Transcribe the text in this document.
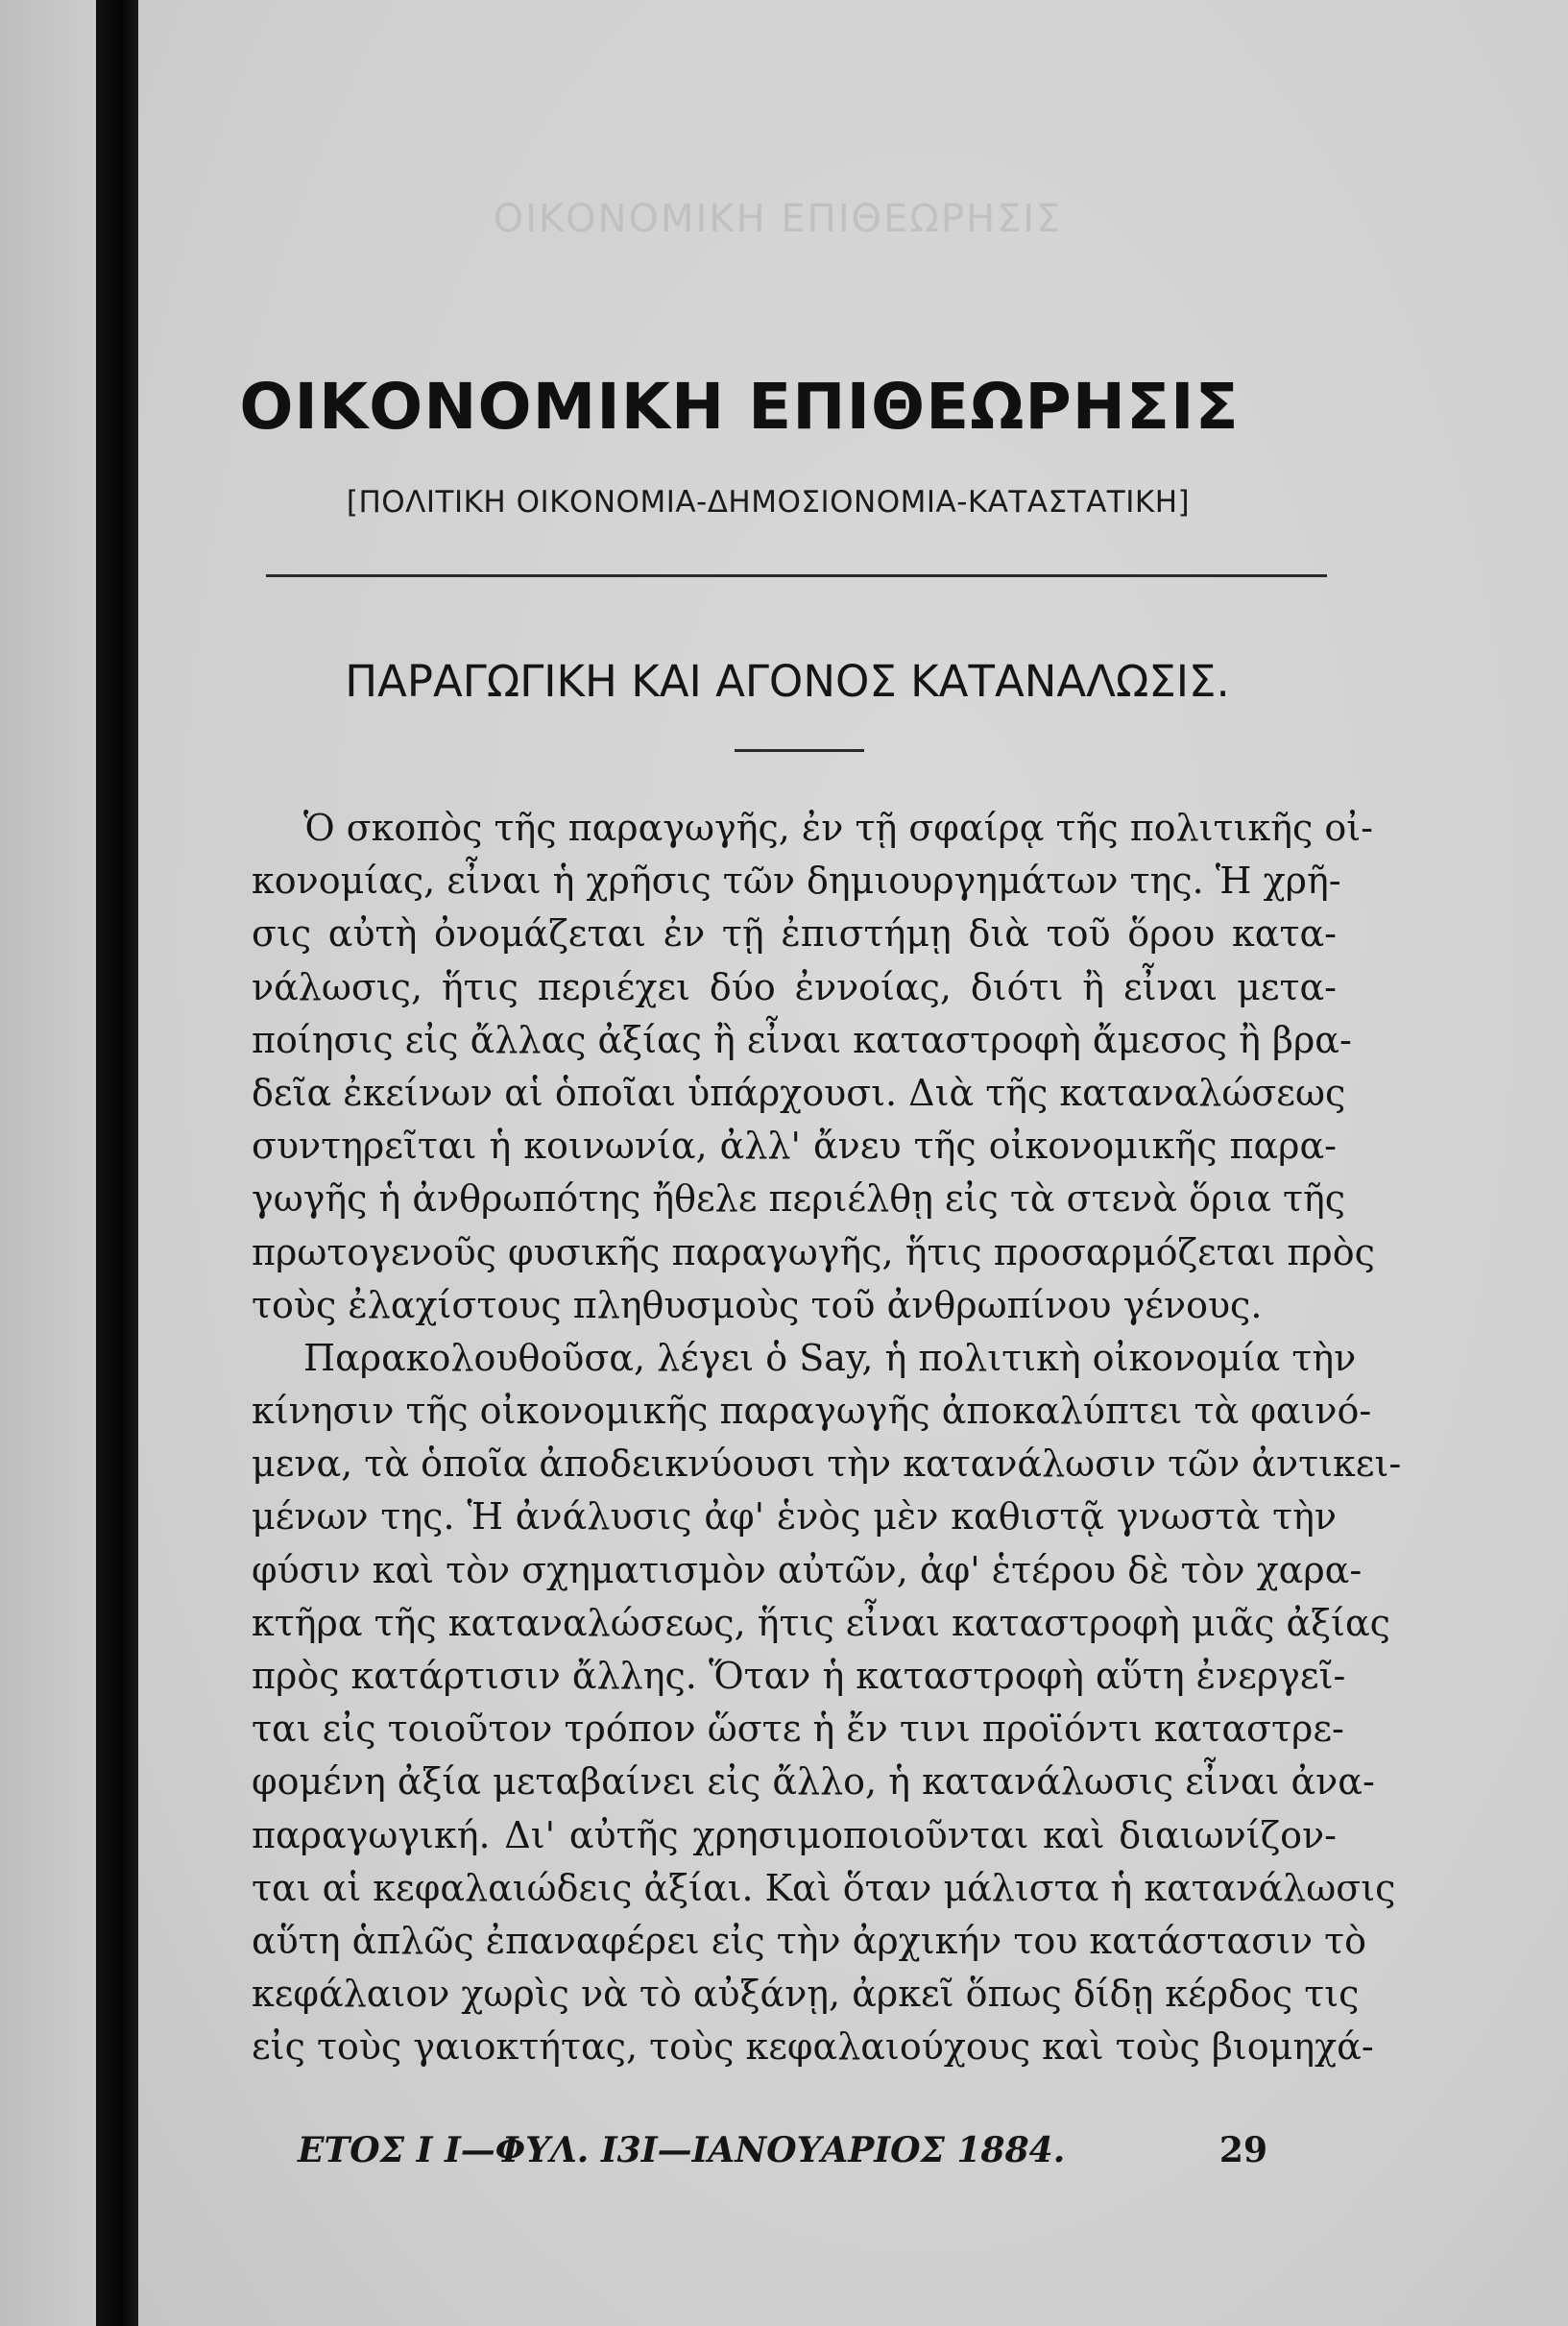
ΟΙΚΟΝΟΜΙΚΗ ΕΠΙΘΕΩΡΗΣΙΣ
ΟΙΚΟΝΟΜΙΚΗ ΕΠΙΘΕΩΡΗΣΙΣ
[ΠΟΛΙΤΙΚΗ ΟΙΚΟΝΟΜΙΑ-ΔΗΜΟΣΙΟΝΟΜΙΑ-ΚΑΤΑΣΤΑΤΙΚΗ]
ΠΑΡΑΓΩΓΙΚΗ ΚΑΙ ΑΓΟΝΟΣ ΚΑΤΑΝΑΛΩΣΙΣ.
Ὁ σκοπὸς τῆς παραγωγῆς, ἐν τῇ σφαίρᾳ τῆς πολιτικῆς οἰ-
κονομίας, εἶναι ἡ χρῆσις τῶν δημιουργημάτων της. Ἡ χρῆ-
σις αὐτὴ ὀνομάζεται ἐν τῇ ἐπιστήμῃ διὰ τοῦ ὅρου κατα-
νάλωσις, ἥτις περιέχει δύο ἐννοίας, διότι ἢ εἶναι μετα-
ποίησις εἰς ἄλλας ἀξίας ἢ εἶναι καταστροφὴ ἄμεσος ἢ βρα-
δεῖα ἐκείνων αἱ ὁποῖαι ὑπάρχουσι. Διὰ τῆς καταναλώσεως
συντηρεῖται ἡ κοινωνία, ἀλλ' ἄνευ τῆς οἰκονομικῆς παρα-
γωγῆς ἡ ἀνθρωπότης ἤθελε περιέλθῃ εἰς τὰ στενὰ ὅρια τῆς
πρωτογενοῦς φυσικῆς παραγωγῆς, ἥτις προσαρμόζεται πρὸς
τοὺς ἐλαχίστους πληθυσμοὺς τοῦ ἀνθρωπίνου γένους.
Παρακολουθοῦσα, λέγει ὁ Say, ἡ πολιτικὴ οἰκονομία τὴν
κίνησιν τῆς οἰκονομικῆς παραγωγῆς ἀποκαλύπτει τὰ φαινό-
μενα, τὰ ὁποῖα ἀποδεικνύουσι τὴν κατανάλωσιν τῶν ἀντικει-
μένων της. Ἡ ἀνάλυσις ἀφ' ἑνὸς μὲν καθιστᾷ γνωστὰ τὴν
φύσιν καὶ τὸν σχηματισμὸν αὐτῶν, ἀφ' ἑτέρου δὲ τὸν χαρα-
κτῆρα τῆς καταναλώσεως, ἥτις εἶναι καταστροφὴ μιᾶς ἀξίας
πρὸς κατάρτισιν ἄλλης. Ὅταν ἡ καταστροφὴ αὕτη ἐνεργεῖ-
ται εἰς τοιοῦτον τρόπον ὥστε ἡ ἔν τινι προϊόντι καταστρε-
φομένη ἀξία μεταβαίνει εἰς ἄλλο, ἡ κατανάλωσις εἶναι ἀνα-
παραγωγική. Δι' αὐτῆς χρησιμοποιοῦνται καὶ διαιωνίζον-
ται αἱ κεφαλαιώδεις ἀξίαι. Καὶ ὅταν μάλιστα ἡ κατανάλωσις
αὕτη ἁπλῶς ἐπαναφέρει εἰς τὴν ἀρχικήν του κατάστασιν τὸ
κεφάλαιον χωρὶς νὰ τὸ αὐξάνῃ, ἀρκεῖ ὅπως δίδῃ κέρδος τις
εἰς τοὺς γαιοκτήτας, τοὺς κεφαλαιούχους καὶ τοὺς βιομηχά-
ΕΤΟΣ Ι Ι—ΦΥΛ. Ι3Ι—ΙΑΝΟΥΑΡΙΟΣ 1884.	29
